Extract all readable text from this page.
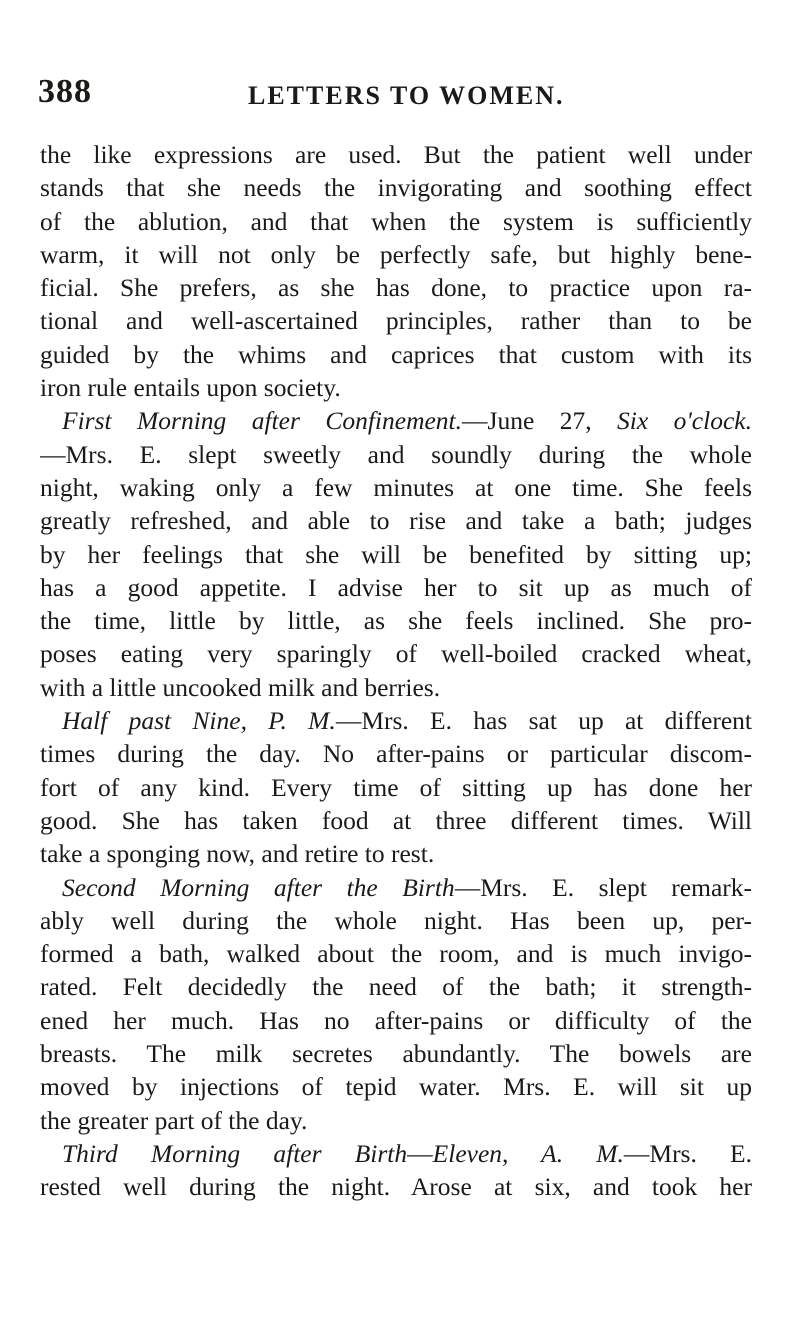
388	LETTERS TO WOMEN.
the like expressions are used. But the patient well under
stands that she needs the invigorating and soothing effect
of the ablution, and that when the system is sufficiently
warm, it will not only be perfectly safe, but highly bene-
ficial. She prefers, as she has done, to practice upon ra-
tional and well-ascertained principles, rather than to be
guided by the whims and caprices that custom with its
iron rule entails upon society.
First Morning after Confinement.—June 27, Six o'clock.
—Mrs. E. slept sweetly and soundly during the whole
night, waking only a few minutes at one time. She feels
greatly refreshed, and able to rise and take a bath; judges
by her feelings that she will be benefited by sitting up;
has a good appetite. I advise her to sit up as much of
the time, little by little, as she feels inclined. She pro-
poses eating very sparingly of well-boiled cracked wheat,
with a little uncooked milk and berries.
Half past Nine, P. M.—Mrs. E. has sat up at different
times during the day. No after-pains or particular discom-
fort of any kind. Every time of sitting up has done her
good. She has taken food at three different times. Will
take a sponging now, and retire to rest.
Second Morning after the Birth—Mrs. E. slept remark-
ably well during the whole night. Has been up, per-
formed a bath, walked about the room, and is much invigo-
rated. Felt decidedly the need of the bath; it strength-
ened her much. Has no after-pains or difficulty of the
breasts. The milk secretes abundantly. The bowels are
moved by injections of tepid water. Mrs. E. will sit up
the greater part of the day.
Third Morning after Birth—Eleven, A. M.—Mrs. E.
rested well during the night. Arose at six, and took her
